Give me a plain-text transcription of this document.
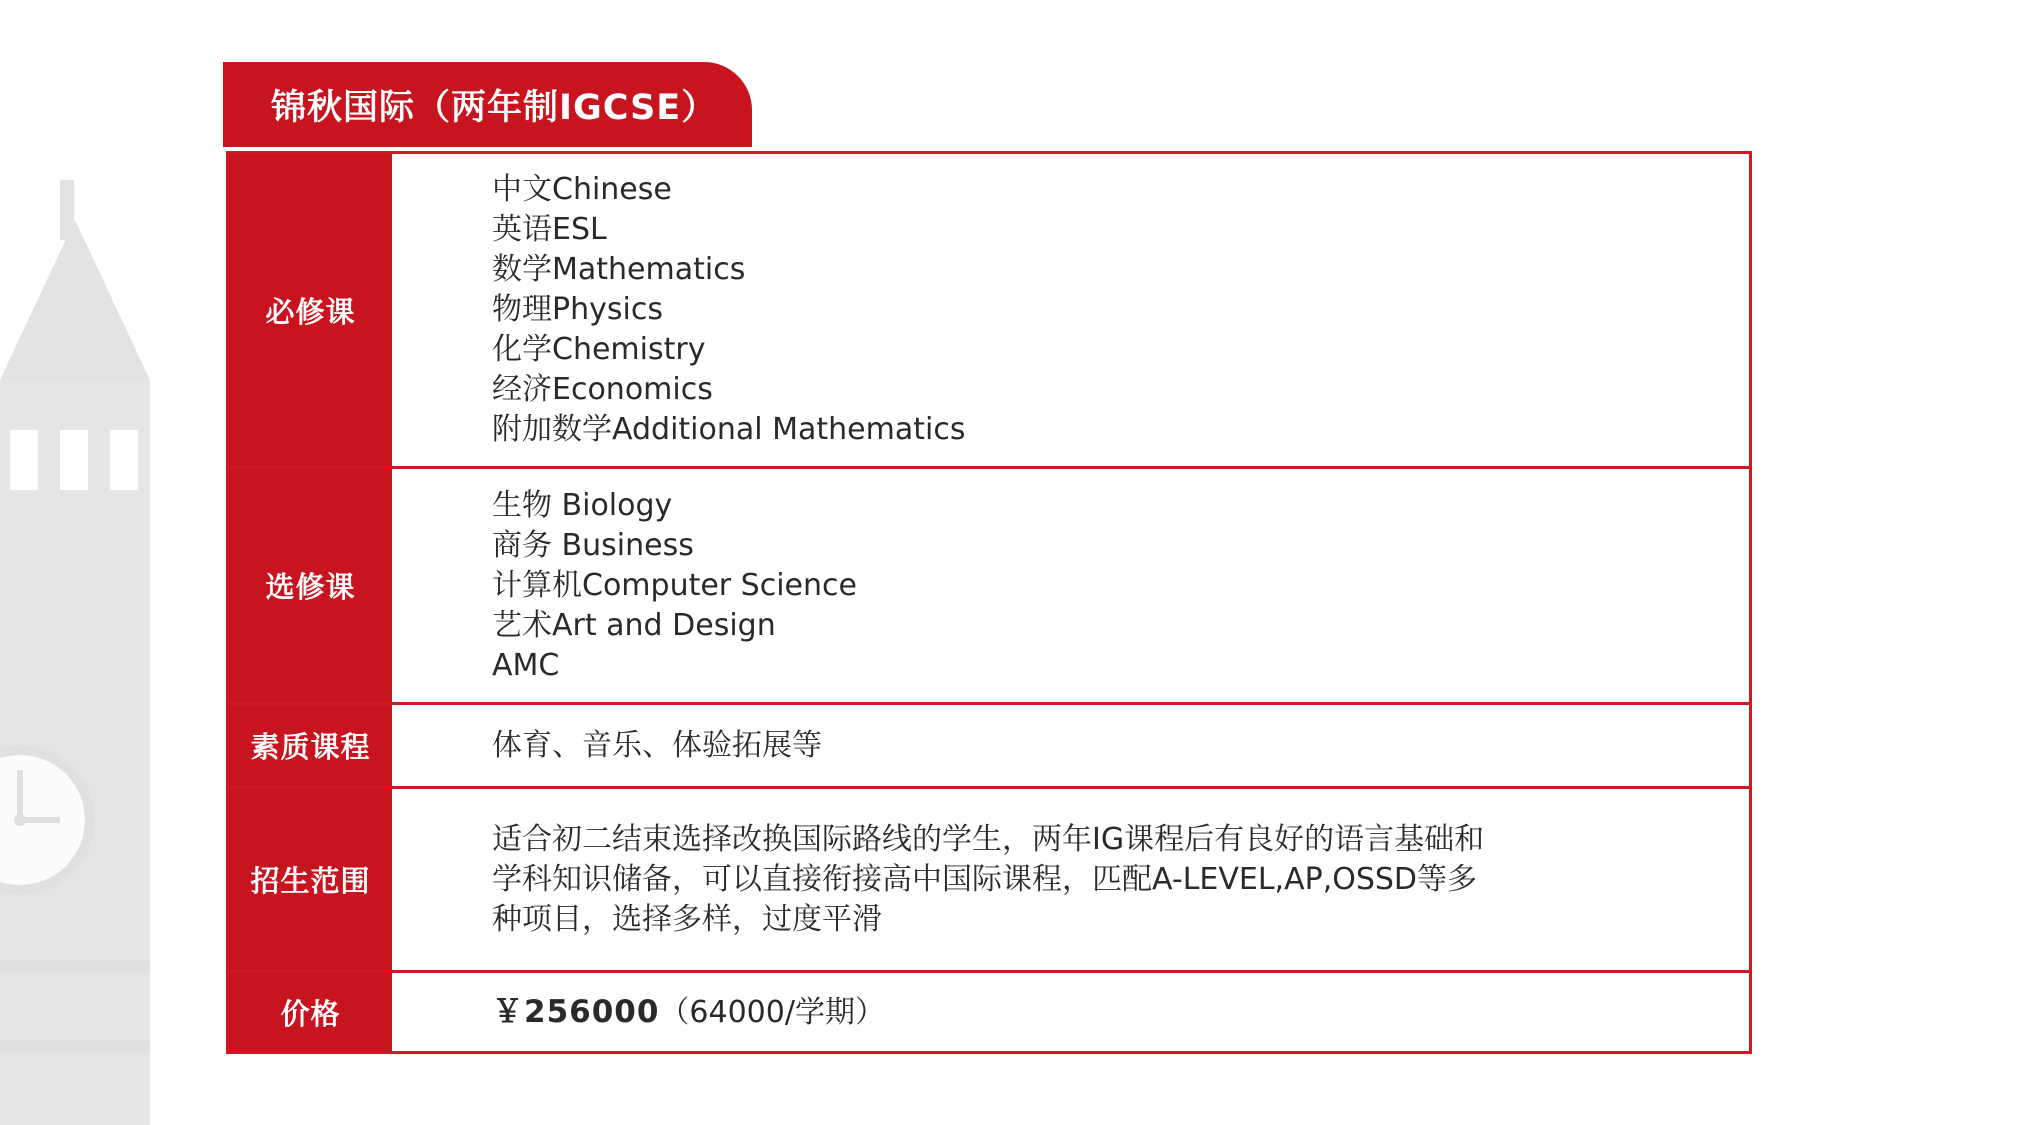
锦秋国际（两年制IGCSE）
必修课
中文Chinese
英语ESL
数学Mathematics
物理Physics
化学Chemistry
经济Economics
附加数学Additional Mathematics
选修课
生物 Biology
商务 Business
计算机Computer Science
艺术Art and Design
AMC
素质课程	体育、音乐、体验拓展等
招生范围
适合初二结束选择改换国际路线的学生，两年IG课程后有良好的语言基础和
学科知识储备，可以直接衔接高中国际课程，匹配A-LEVEL,AP,OSSD等多
种项目，选择多样，过度平滑
价格	￥256000（64000/学期）
